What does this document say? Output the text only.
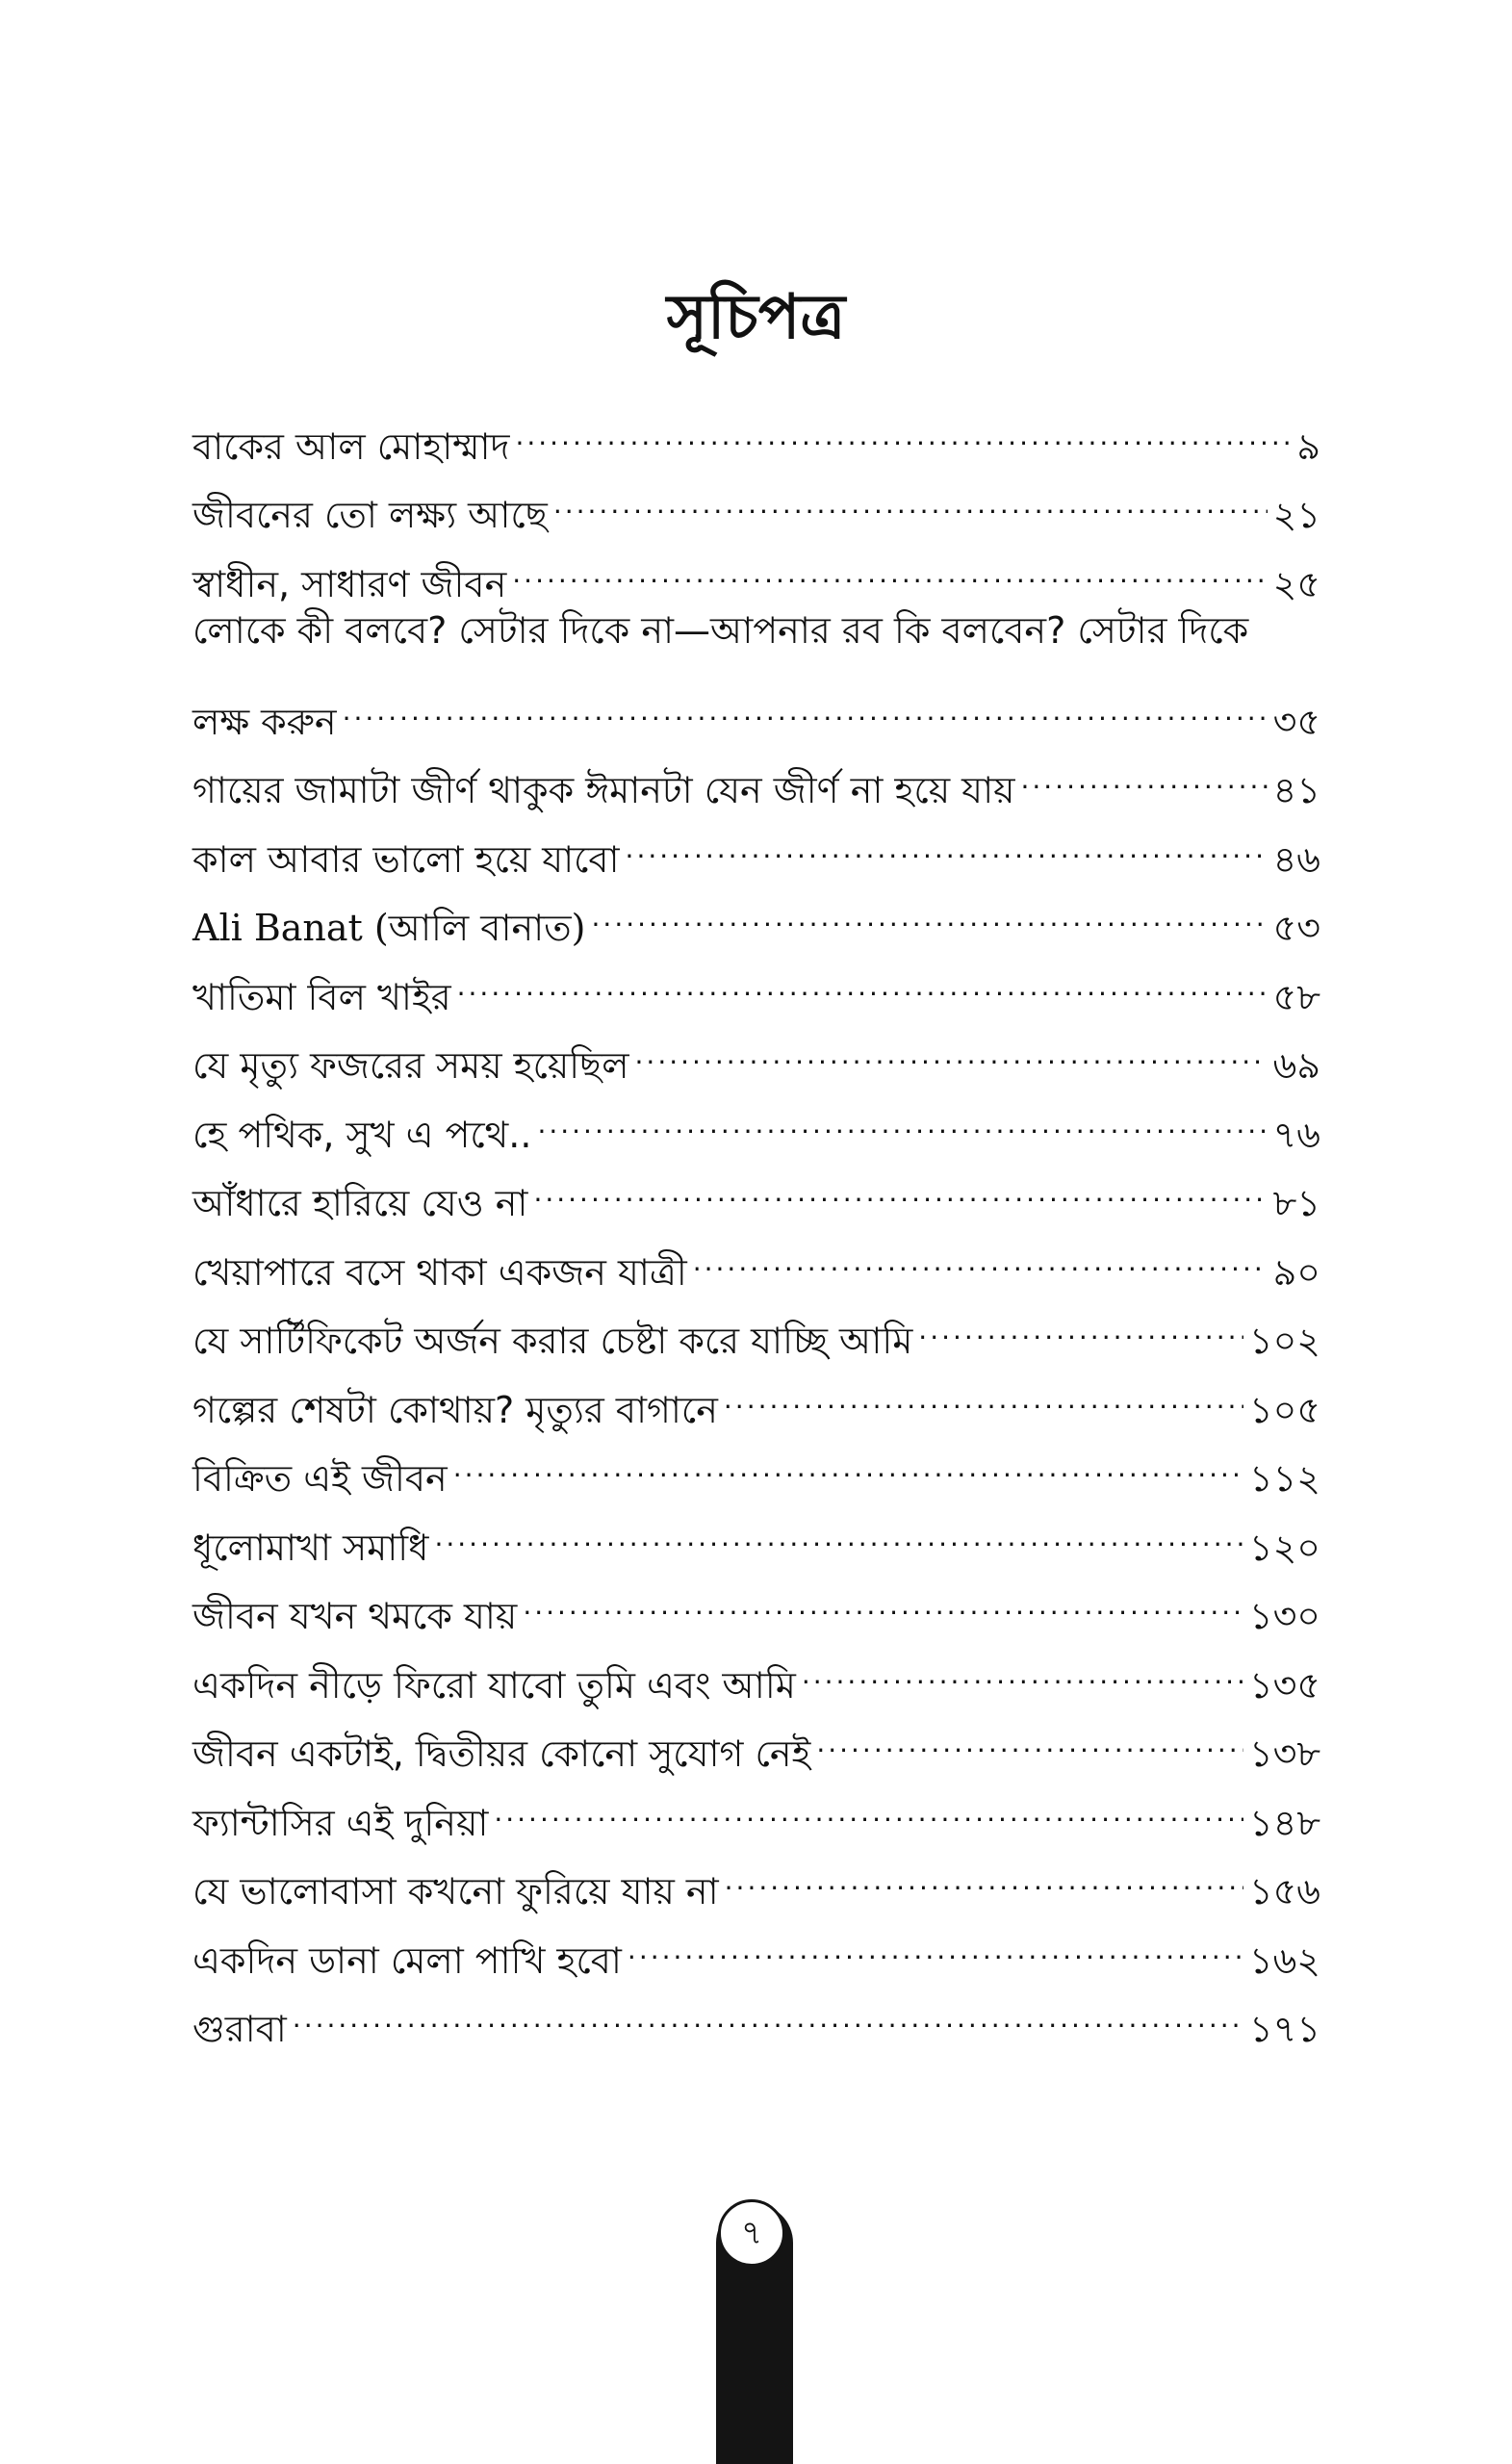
সূচিপত্র
বাকের আল মোহাম্মাদ .....	৯
জীবনের তো লক্ষ্য আছে .....	২১
স্বাধীন, সাধারণ জীবন .....	২৫
লোকে কী বলবে? সেটার দিকে না—আপনার রব কি বলবেন? সেটার দিকে
লক্ষ করুন .....	৩৫
গায়ের জামাটা জীর্ণ থাকুক ঈমানটা যেন জীর্ণ না হয়ে যায় .....	৪১
কাল আবার ভালো হয়ে যাবো .....	৪৬
Ali Banat (আলি বানাত) .....	৫৩
খাতিমা বিল খাইর .....	৫৮
যে মৃত্যু ফজরের সময় হয়েছিল .....	৬৯
হে পথিক, সুখ এ পথে.. .....	৭৬
আঁধারে হারিয়ে যেও না .....	৮১
খেয়াপারে বসে থাকা একজন যাত্রী .....	৯০
যে সার্টিফিকেট অর্জন করার চেষ্টা করে যাচ্ছি আমি .....	১০২
গল্পের শেষটা কোথায়? মৃত্যুর বাগানে .....	১০৫
বিক্রিত এই জীবন .....	১১২
ধূলোমাখা সমাধি .....	১২০
জীবন যখন থমকে যায় .....	১৩০
একদিন নীড়ে ফিরো যাবো তুমি এবং আমি .....	১৩৫
জীবন একটাই, দ্বিতীয়র কোনো সুযোগ নেই .....	১৩৮
ফ্যান্টাসির এই দুনিয়া .....	১৪৮
যে ভালোবাসা কখনো ফুরিয়ে যায় না .....	১৫৬
একদিন ডানা মেলা পাখি হবো .....	১৬২
গুরাবা .....	১৭১
৭
